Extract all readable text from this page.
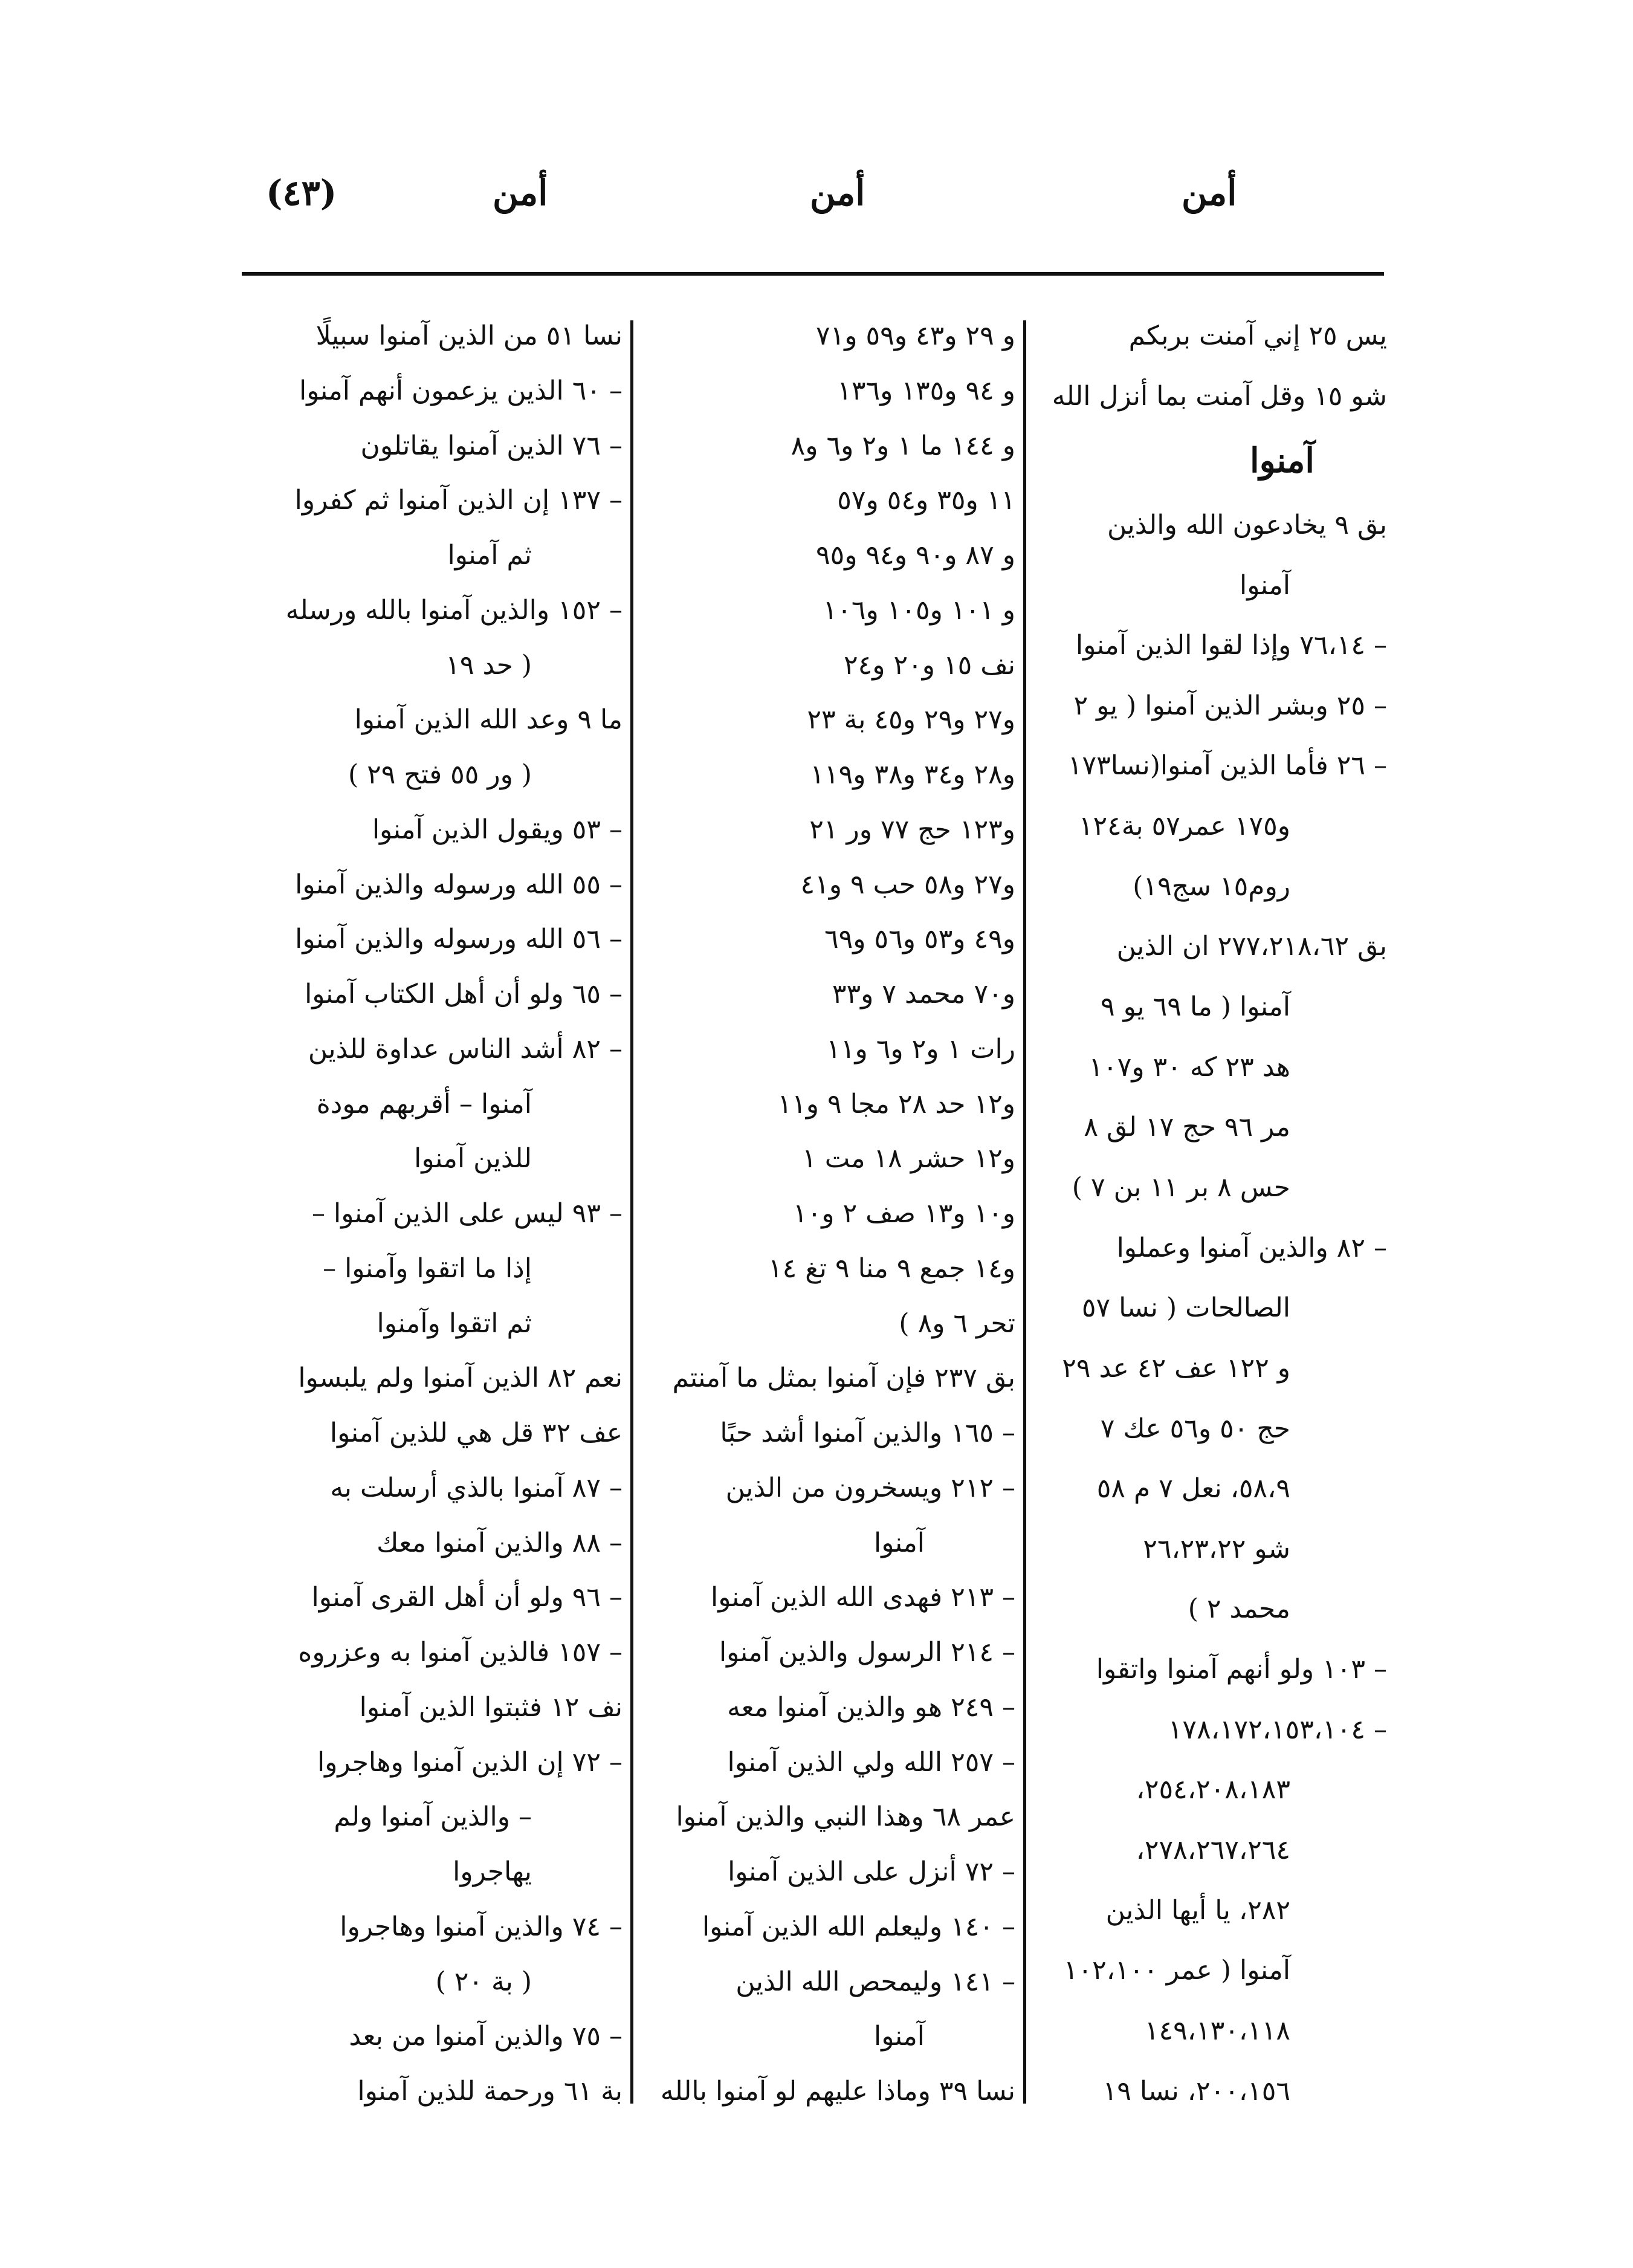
(٤٣)	أمن	أمن	أمن
يس ٢٥ إني آمنت بربكم
شو ١٥ وقل آمنت بما أنزل الله
آمنوا
بق ٩ يخادعون الله والذين
آمنوا
– ٧٦،١٤ وإذا لقوا الذين آمنوا
– ٢٥ وبشر الذين آمنوا ( يو ٢
– ٢٦ فأما الذين آمنوا(نسا١٧٣
و١٧٥ عمر٥٧ بة١٢٤
روم١٥ سج١٩)
بق ٢٧٧،٢١٨،٦٢ ان الذين
آمنوا ( ما ٦٩ يو ٩
هد ٢٣ كه ٣٠ و١٠٧
مر ٩٦ حج ١٧ لق ٨
حس ٨ بر ١١ بن ٧ )
– ٨٢ والذين آمنوا وعملوا
الصالحات ( نسا ٥٧
و ١٢٢ عف ٤٢ عد ٢٩
حج ٥٠ و٥٦ عك ٧
٥٨،٩، نعل ٧ م ٥٨
شو ٢٦،٢٣،٢٢
محمد ٢ )
– ١٠٣ ولو أنهم آمنوا واتقوا
– ١٧٨،١٧٢،١٥٣،١٠٤
٢٥٤،٢٠٨،١٨٣،
٢٧٨،٢٦٧،٢٦٤،
٢٨٢، يا أيها الذين
آمنوا ( عمر ١٠٢،١٠٠
١٤٩،١٣٠،١١٨
٢٠٠،١٥٦، نسا ١٩
و ٢٩ و٤٣ و٥٩ و٧١
و ٩٤ و١٣٥ و١٣٦
و ١٤٤ ما ١ و٢ و٦ و٨
١١ و٣٥ و٥٤ و٥٧
و ٨٧ و٩٠ و٩٤ و٩٥
و ١٠١ و١٠٥ و١٠٦
نف ١٥ و٢٠ و٢٤
و٢٧ و٢٩ و٤٥ بة ٢٣
و٢٨ و٣٤ و٣٨ و١١٩
و١٢٣ حج ٧٧ ور ٢١
و٢٧ و٥٨ حب ٩ و٤١
و٤٩ و٥٣ و٥٦ و٦٩
و٧٠ محمد ٧ و٣٣
رات ١ و٢ و٦ و١١
و١٢ حد ٢٨ مجا ٩ و١١
و١٢ حشر ١٨ مت ١
و١٠ و١٣ صف ٢ و١٠
و١٤ جمع ٩ منا ٩ تغ ١٤
تحر ٦ و٨ )
بق ٢٣٧ فإن آمنوا بمثل ما آمنتم
– ١٦٥ والذين آمنوا أشد حبًا
– ٢١٢ ويسخرون من الذين
آمنوا
– ٢١٣ فهدى الله الذين آمنوا
– ٢١٤ الرسول والذين آمنوا
– ٢٤٩ هو والذين آمنوا معه
– ٢٥٧ الله ولي الذين آمنوا
عمر ٦٨ وهذا النبي والذين آمنوا
– ٧٢ أنزل على الذين آمنوا
– ١٤٠ وليعلم الله الذين آمنوا
– ١٤١ وليمحص الله الذين
آمنوا
نسا ٣٩ وماذا عليهم لو آمنوا بالله
نسا ٥١ من الذين آمنوا سبيلًا
– ٦٠ الذين يزعمون أنهم آمنوا
– ٧٦ الذين آمنوا يقاتلون
– ١٣٧ إن الذين آمنوا ثم كفروا
ثم آمنوا
– ١٥٢ والذين آمنوا بالله ورسله
( حد ١٩
ما ٩ وعد الله الذين آمنوا
( ور ٥٥ فتح ٢٩ )
– ٥٣ ويقول الذين آمنوا
– ٥٥ الله ورسوله والذين آمنوا
– ٥٦ الله ورسوله والذين آمنوا
– ٦٥ ولو أن أهل الكتاب آمنوا
– ٨٢ أشد الناس عداوة للذين
آمنوا – أقربهم مودة
للذين آمنوا
– ٩٣ ليس على الذين آمنوا –
إذا ما اتقوا وآمنوا –
ثم اتقوا وآمنوا
نعم ٨٢ الذين آمنوا ولم يلبسوا
عف ٣٢ قل هي للذين آمنوا
– ٨٧ آمنوا بالذي أرسلت به
– ٨٨ والذين آمنوا معك
– ٩٦ ولو أن أهل القرى آمنوا
– ١٥٧ فالذين آمنوا به وعزروه
نف ١٢ فثبتوا الذين آمنوا
– ٧٢ إن الذين آمنوا وهاجروا
– والذين آمنوا ولم
يهاجروا
– ٧٤ والذين آمنوا وهاجروا
( بة ٢٠ )
– ٧٥ والذين آمنوا من بعد
بة ٦١ ورحمة للذين آمنوا
